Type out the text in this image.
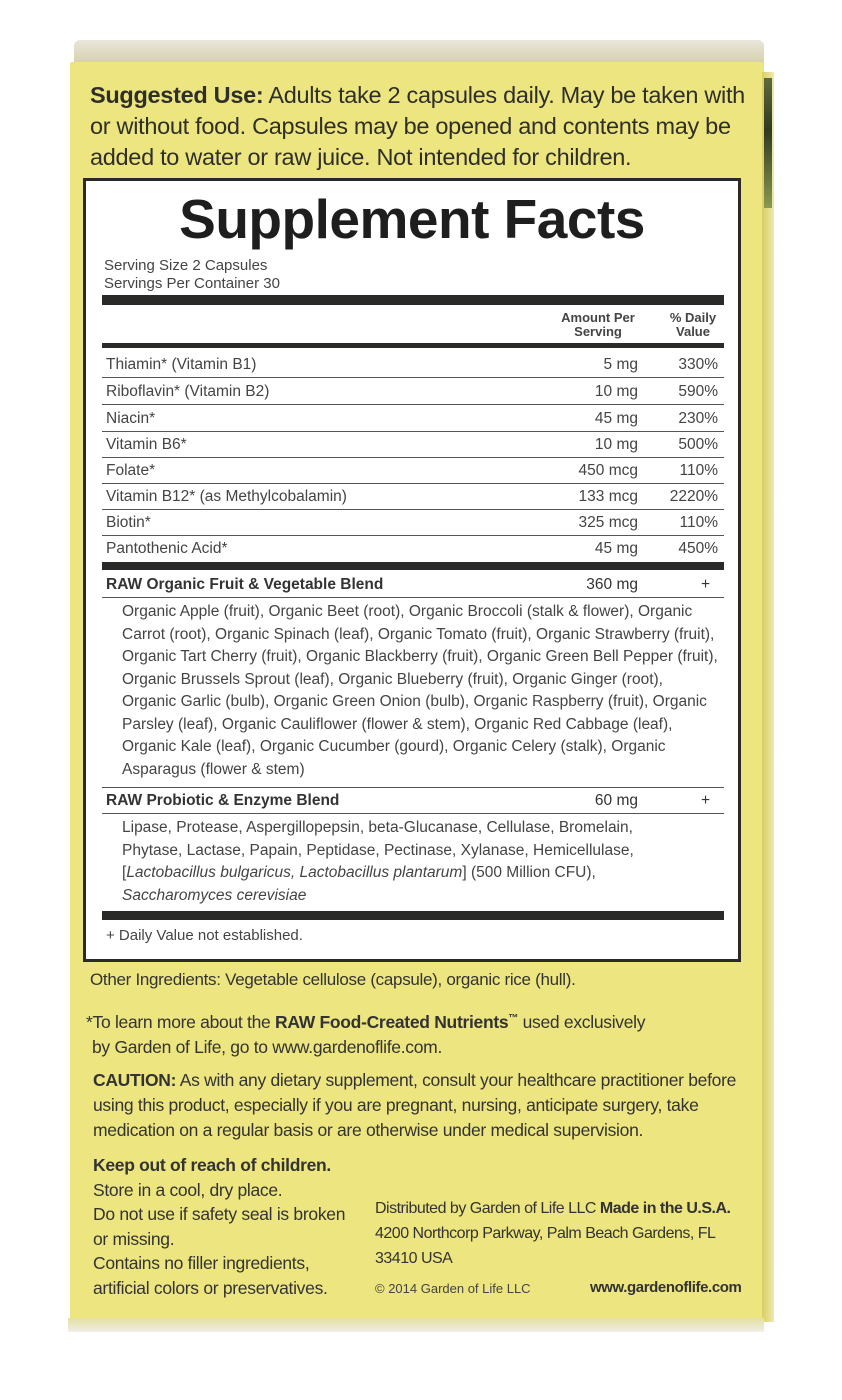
Suggested Use: Adults take 2 capsules daily. May be taken with or without food. Capsules may be opened and contents may be added to water or raw juice. Not intended for children.
Supplement Facts
Serving Size 2 Capsules
Servings Per Container 30
Amount Per
Serving
% Daily
Value
Thiamin* (Vitamin B1)	5 mg	330%
Riboflavin* (Vitamin B2)	10 mg	590%
Niacin*	45 mg	230%
Vitamin B6*	10 mg	500%
Folate*	450 mcg	110%
Vitamin B12* (as Methylcobalamin)	133 mcg 2220%
Biotin*	325 mcg	110%
Pantothenic Acid*	45 mg	450%
RAW Organic Fruit & Vegetable Blend	360 mg	+
Organic Apple (fruit), Organic Beet (root), Organic Broccoli (stalk & flower), Organic
Carrot (root), Organic Spinach (leaf), Organic Tomato (fruit), Organic Strawberry (fruit),
Organic Tart Cherry (fruit), Organic Blackberry (fruit), Organic Green Bell Pepper (fruit),
Organic Brussels Sprout (leaf), Organic Blueberry (fruit), Organic Ginger (root),
Organic Garlic (bulb), Organic Green Onion (bulb), Organic Raspberry (fruit), Organic
Parsley (leaf), Organic Cauliflower (flower & stem), Organic Red Cabbage (leaf),
Organic Kale (leaf), Organic Cucumber (gourd), Organic Celery (stalk), Organic
Asparagus (flower & stem)
RAW Probiotic & Enzyme Blend	60 mg	+
Lipase, Protease, Aspergillopepsin, beta-Glucanase, Cellulase, Bromelain,
Phytase, Lactase, Papain, Peptidase, Pectinase, Xylanase, Hemicellulase,
[Lactobacillus bulgaricus, Lactobacillus plantarum] (500 Million CFU),
Saccharomyces cerevisiae
+ Daily Value not established.
Other Ingredients: Vegetable cellulose (capsule), organic rice (hull).
*To learn more about the RAW Food-Created Nutrients™ used exclusively
by Garden of Life, go to www.gardenoflife.com.
CAUTION: As with any dietary supplement, consult your healthcare practitioner before using this product, especially if you are pregnant, nursing, anticipate surgery, take medication on a regular basis or are otherwise under medical supervision.
Keep out of reach of children.
Store in a cool, dry place.
Do not use if safety seal is broken or missing.
Contains no filler ingredients, artificial colors or preservatives.
Distributed by Garden of Life LLC Made in the U.S.A.
4200 Northcorp Parkway, Palm Beach Gardens, FL 33410 USA
© 2014 Garden of Life LLC	www.gardenoflife.com
